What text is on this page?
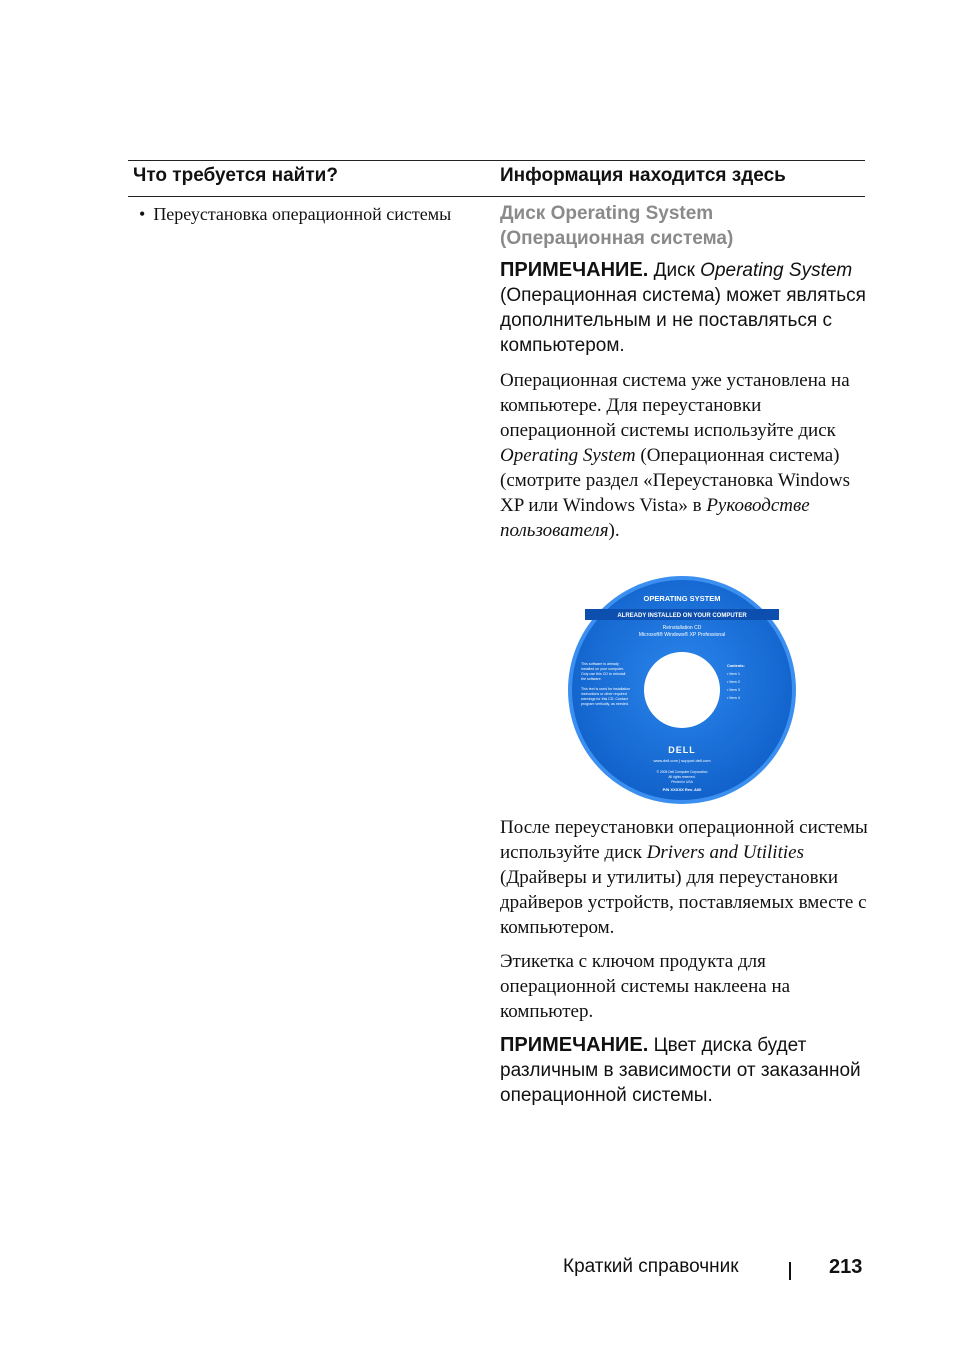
Что требуется найти?	Информация находится здесь
• Переустановка операционной системы	Диск Operating System
(Операционная система)
ПРИМЕЧАНИЕ. Диск Operating System (Операционная система) может являться дополнительным и не поставляться с компьютером.
Операционная система уже установлена на компьютере. Для переустановки операционной системы используйте диск Operating System (Операционная система) (смотрите раздел «Переустановка Windows XP или Windows Vista» в Руководстве пользователя).
OPERATING SYSTEM
ALREADY INSTALLED ON YOUR COMPUTER
Reinstallation CD
Microsoft® Windows® XP Professional
This software is already
installed on your computer.
Only use this CD to reinstall
the software.
This text is used for installation
instructions or other required
warnings for this CD. Contact
program vertically, as needed.
Contents:
• Item 1
• Item 2
• Item 3
• Item 4
DELL
www.dell.com | support.dell.com
© 2005 Dell Computer Corporation
All rights reserved.
Printed in USA
P/N XXXXX Rev. A00
После переустановки операционной системы используйте диск Drivers and Utilities (Драйверы и утилиты) для переустановки драйверов устройств, поставляемых вместе с компьютером.
Этикетка с ключом продукта для операционной системы наклеена на компьютер.
ПРИМЕЧАНИЕ. Цвет диска будет различным в зависимости от заказанной операционной системы.
Краткий справочник	213
